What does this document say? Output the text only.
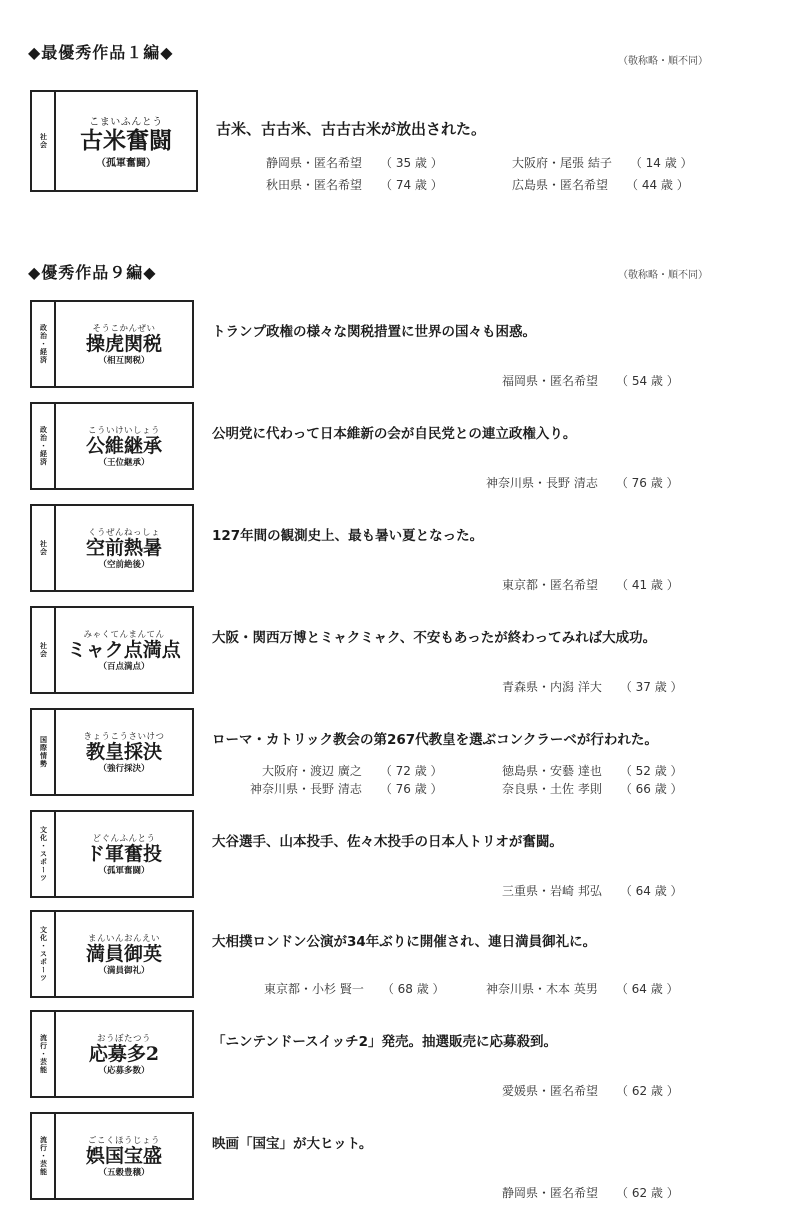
◆最優秀作品１編◆	（敬称略・順不同）
社会
こまいふんとう
古米奮闘
（孤軍奮闘）
古米、古古米、古古古米が放出された。
静岡県・匿名希望 （ 35 歳 ）	大阪府・尾張 結子 （ 14 歳 ）
秋田県・匿名希望 （ 74 歳 ）	広島県・匿名希望 （ 44 歳 ）
◆優秀作品９編◆	（敬称略・順不同）
政治・経済	そうこかんぜい
操虎関税
（相互関税）
トランプ政権の様々な関税措置に世界の国々も困惑。
福岡県・匿名希望 （ 54 歳 ）
政治・経済	こういけいしょう
公維継承
（王位継承）
公明党に代わって日本維新の会が自民党との連立政権入り。
神奈川県・長野 清志 （ 76 歳 ）
社会
くうぜんねっしょ
空前熱暑
（空前絶後）
127年間の観測史上、最も暑い夏となった。
東京都・匿名希望 （ 41 歳 ）
社会
みゃくてんまんてん
ミャク点満点
（百点満点）
大阪・関西万博とミャクミャク、不安もあったが終わってみれば大成功。
青森県・内潟 洋大 （ 37 歳 ）
国際情勢	きょうこうさいけつ
教皇採決
（強行採決）
ローマ・カトリック教会の第267代教皇を選ぶコンクラーベが行われた。
大阪府・渡辺 廣之 （ 72 歳 ）	徳島県・安藝 達也 （ 52 歳 ）
神奈川県・長野 清志 （ 76 歳 ）	奈良県・土佐 孝則 （ 66 歳 ）
文化・スポーツ	どぐんふんとう
ド軍奮投
（孤軍奮闘）
大谷選手、山本投手、佐々木投手の日本人トリオが奮闘。
三重県・岩崎 邦弘 （ 64 歳 ）
文化・スポーツ	まんいんおんえい
満員御英
（満員御礼）
大相撲ロンドン公演が34年ぶりに開催され、連日満員御礼に。
東京都・小杉 賢一 （ 68 歳 ）	神奈川県・木本 英男 （ 64 歳 ）
流行・芸能	おうぼたつう
応募多2
（応募多数）
「ニンテンドースイッチ2」発売。抽選販売に応募殺到。
愛媛県・匿名希望 （ 62 歳 ）
流行・芸能	ごこくほうじょう
娯国宝盛
（五穀豊穣）
映画「国宝」が大ヒット。
静岡県・匿名希望 （ 62 歳 ）
